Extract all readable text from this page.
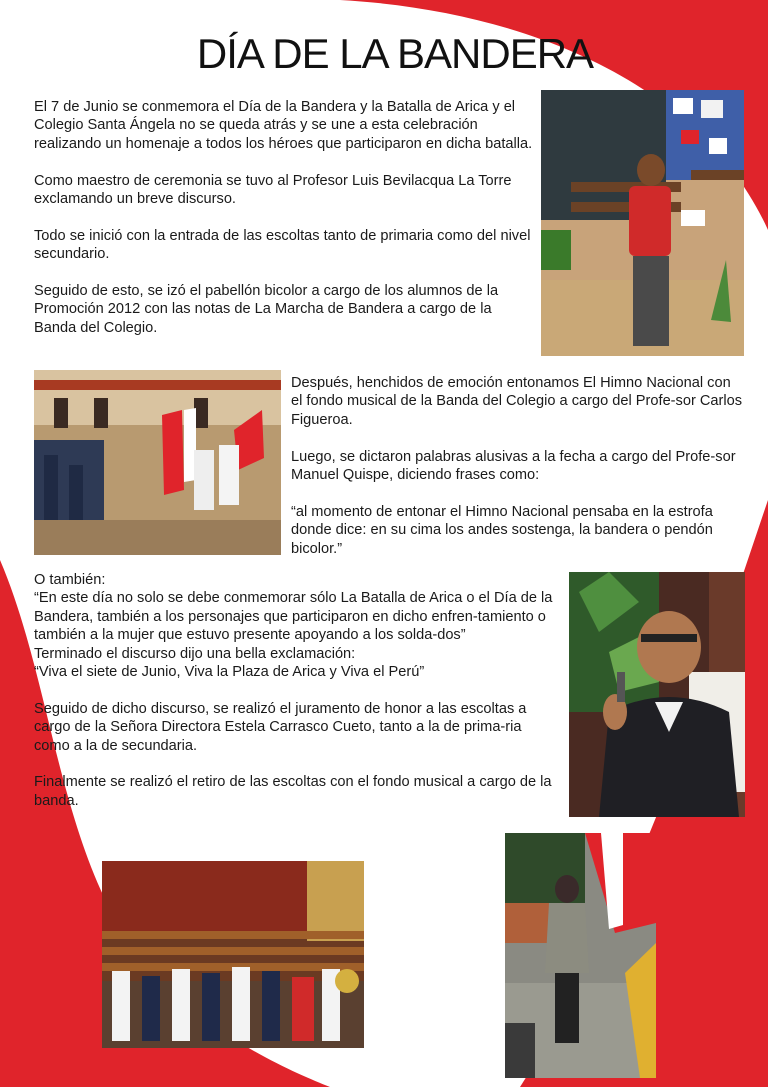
DÍA DE LA BANDERA

El 7 de Junio se conmemora el Día de la Bandera y la Batalla de Arica y el Colegio Santa Ángela no se queda atrás y se une a esta celebración realizando un homenaje a todos los héroes que participaron en dicha batalla.

Como maestro de ceremonia se tuvo al Profesor Luis Bevilacqua La Torre exclamando un breve discurso.

Todo se inició con la entrada de las escoltas tanto de primaria como del nivel secundario.

Seguido de esto, se izó el pabellón bicolor a cargo de los alumnos de la Promoción 2012 con las notas de La Marcha de Bandera a cargo de la Banda del Colegio.

Después, henchidos de emoción entonamos El Himno Nacional con el fondo musical de la Banda del Colegio a cargo del Profe-sor Carlos Figueroa.

Luego, se dictaron palabras alusivas a la fecha a cargo del Profe-sor Manuel Quispe, diciendo frases como:

“al momento de entonar el Himno Nacional pensaba en la estrofa donde dice: en su cima los andes sostenga, la bandera o pendón bicolor.”

O también:
“En este día no solo se debe conmemorar sólo La Batalla de Arica o el Día de la Bandera, también a los personajes que participaron en dicho enfren-tamiento o también a la mujer que estuvo presente apoyando a los solda-dos”
Terminado el discurso dijo una bella exclamación:
“Viva el siete de Junio, Viva la Plaza de Arica y Viva el Perú”

Seguido de dicho discurso, se realizó el juramento de honor a las escoltas a cargo de la Señora Directora Estela Carrasco Cueto, tanto a la de prima-ria como a la de secundaria.

Finalmente se realizó el retiro de las escoltas con el fondo musical a cargo de la banda.
